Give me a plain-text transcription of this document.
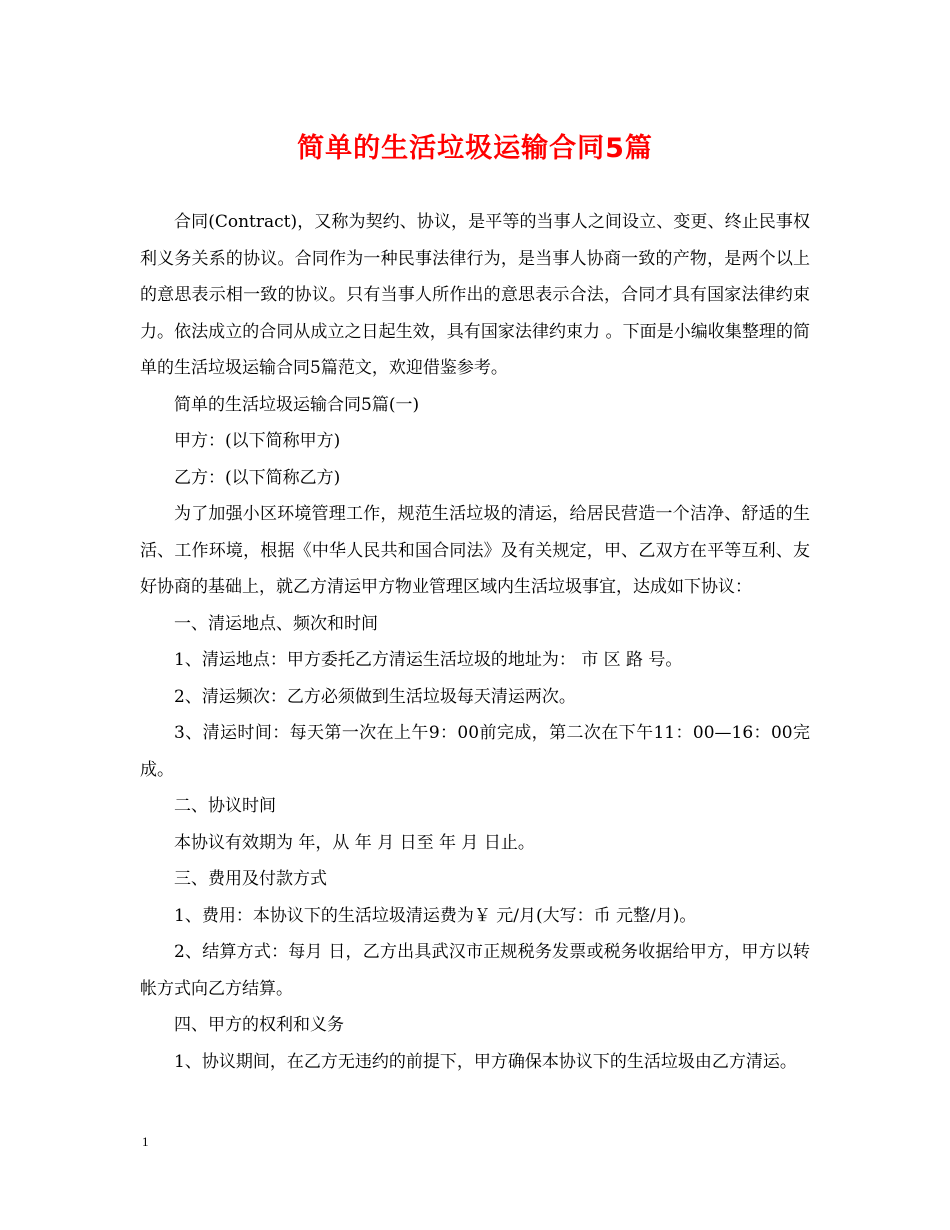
简单的生活垃圾运输合同5篇

合同(Contract)，又称为契约、协议，是平等的当事人之间设立、变更、终止民事权利义务关系的协议。合同作为一种民事法律行为，是当事人协商一致的产物，是两个以上的意思表示相一致的协议。只有当事人所作出的意思表示合法，合同才具有国家法律约束力。依法成立的合同从成立之日起生效，具有国家法律约束力 。下面是小编收集整理的简单的生活垃圾运输合同5篇范文，欢迎借鉴参考。

简单的生活垃圾运输合同5篇(一)

甲方：(以下简称甲方)

乙方：(以下简称乙方)

为了加强小区环境管理工作，规范生活垃圾的清运，给居民营造一个洁净、舒适的生活、工作环境，根据《中华人民共和国合同法》及有关规定，甲、乙双方在平等互利、友好协商的基础上，就乙方清运甲方物业管理区域内生活垃圾事宜，达成如下协议：

一、清运地点、频次和时间

1、清运地点：甲方委托乙方清运生活垃圾的地址为： 市 区 路 号。

2、清运频次：乙方必须做到生活垃圾每天清运两次。

3、清运时间：每天第一次在上午9：00前完成，第二次在下午11：00—16：00完成。

二、协议时间

本协议有效期为 年，从 年 月 日至 年 月 日止。

三、费用及付款方式

1、费用：本协议下的生活垃圾清运费为￥ 元/月(大写：币 元整/月)。

2、结算方式：每月 日，乙方出具武汉市正规税务发票或税务收据给甲方，甲方以转帐方式向乙方结算。

四、甲方的权利和义务

1、协议期间，在乙方无违约的前提下，甲方确保本协议下的生活垃圾由乙方清运。

1
